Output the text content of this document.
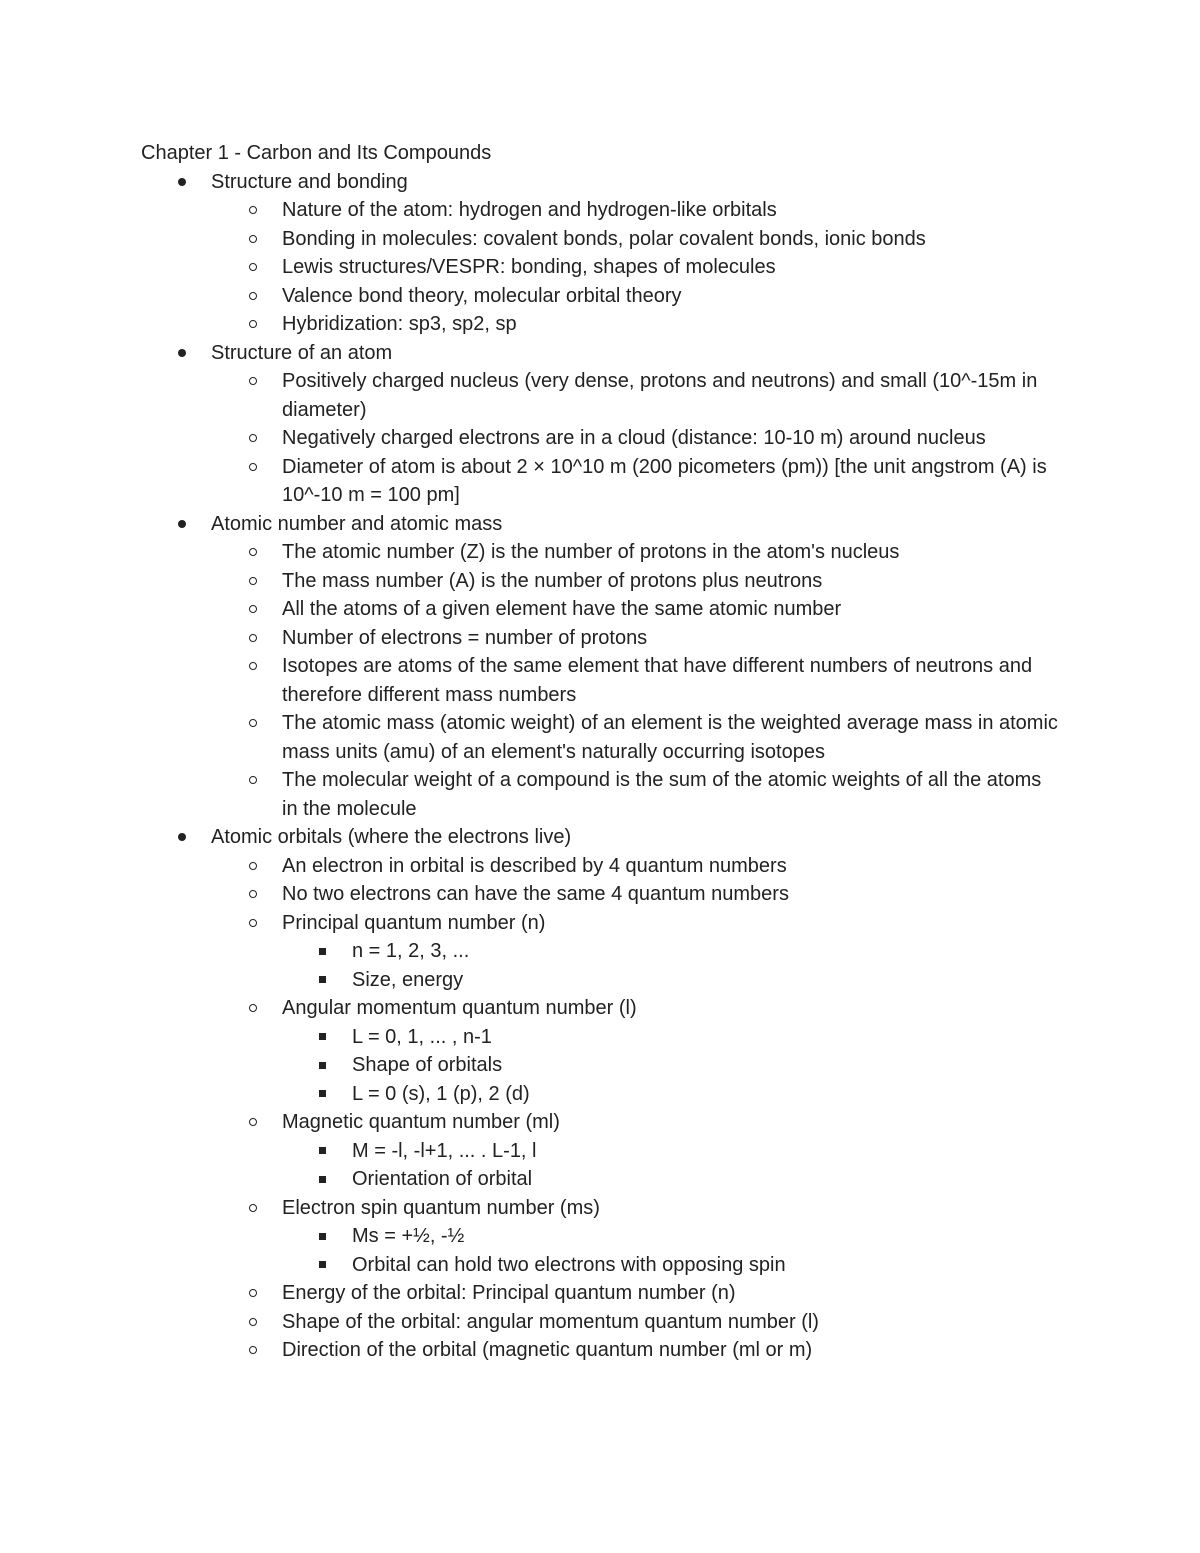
Chapter 1 - Carbon and Its Compounds
Structure and bonding
Nature of the atom: hydrogen and hydrogen-like orbitals
Bonding in molecules: covalent bonds, polar covalent bonds, ionic bonds
Lewis structures/VESPR: bonding, shapes of molecules
Valence bond theory, molecular orbital theory
Hybridization: sp3, sp2, sp
Structure of an atom
Positively charged nucleus (very dense, protons and neutrons) and small (10^-15m in diameter)
Negatively charged electrons are in a cloud (distance: 10-10 m) around nucleus
Diameter of atom is about 2 × 10^10 m (200 picometers (pm)) [the unit angstrom (A) is 10^-10 m = 100 pm]
Atomic number and atomic mass
The atomic number (Z) is the number of protons in the atom's nucleus
The mass number (A) is the number of protons plus neutrons
All the atoms of a given element have the same atomic number
Number of electrons = number of protons
Isotopes are atoms of the same element that have different numbers of neutrons and therefore different mass numbers
The atomic mass (atomic weight) of an element is the weighted average mass in atomic mass units (amu) of an element's naturally occurring isotopes
The molecular weight of a compound is the sum of the atomic weights of all the atoms in the molecule
Atomic orbitals (where the electrons live)
An electron in orbital is described by 4 quantum numbers
No two electrons can have the same 4 quantum numbers
Principal quantum number (n)
n = 1, 2, 3, ...
Size, energy
Angular momentum quantum number (l)
L = 0, 1, ... , n-1
Shape of orbitals
L = 0 (s), 1 (p), 2 (d)
Magnetic quantum number (ml)
M = -l, -l+1, ... . L-1, l
Orientation of orbital
Electron spin quantum number (ms)
Ms = +½, -½
Orbital can hold two electrons with opposing spin
Energy of the orbital: Principal quantum number (n)
Shape of the orbital: angular momentum quantum number (l)
Direction of the orbital (magnetic quantum number (ml or m)
